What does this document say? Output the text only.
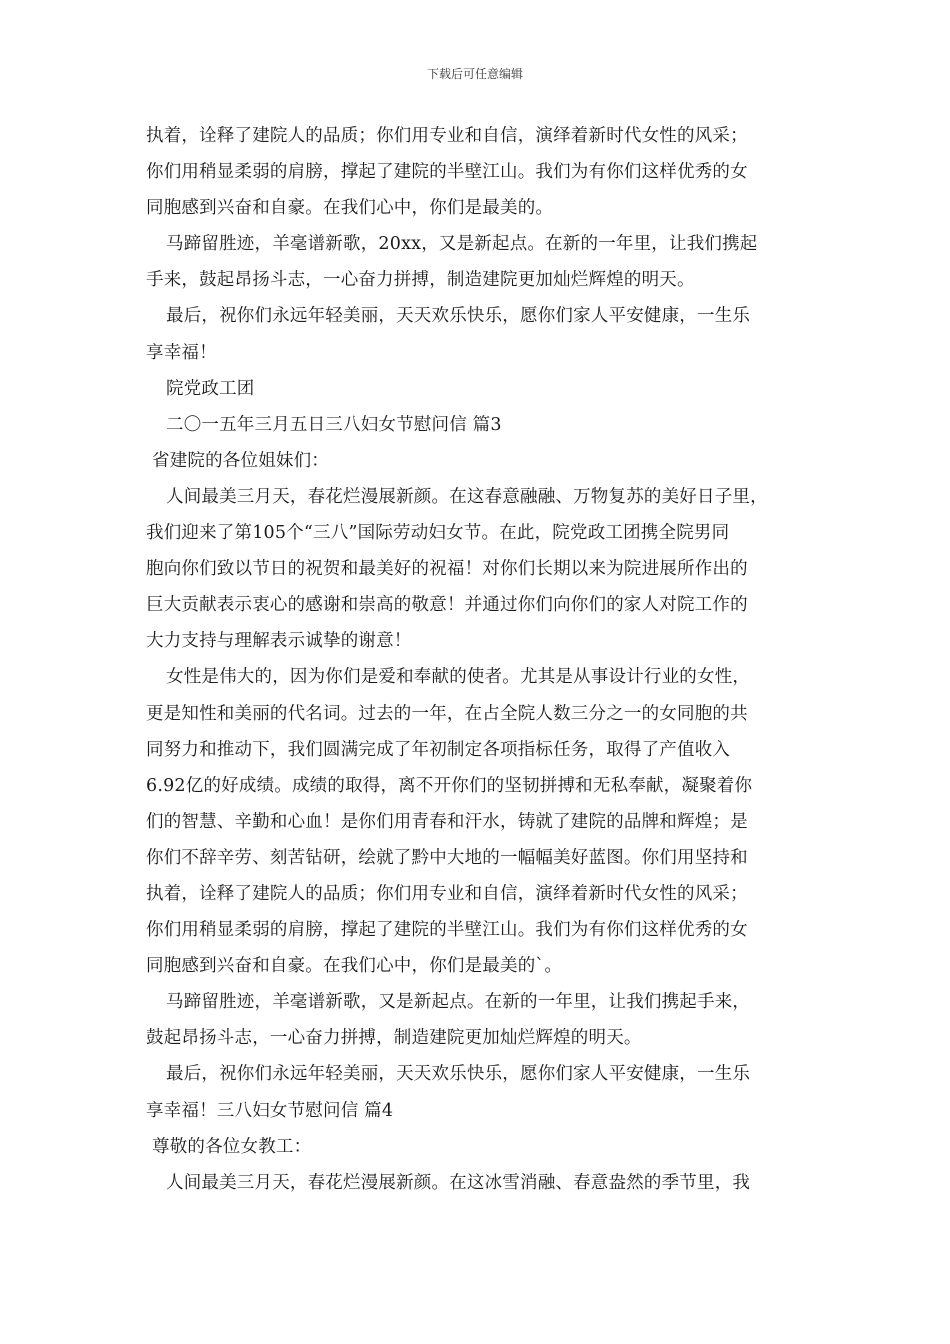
下载后可任意编辑
执着，诠释了建院人的品质；你们用专业和自信，演绎着新时代女性的风采；
你们用稍显柔弱的肩膀，撑起了建院的半壁江山。我们为有你们这样优秀的女
同胞感到兴奋和自豪。在我们心中，你们是最美的。
马蹄留胜迹，羊毫谱新歌，20xx，又是新起点。在新的一年里，让我们携起
手来，鼓起昂扬斗志，一心奋力拼搏，制造建院更加灿烂辉煌的明天。
最后，祝你们永远年轻美丽，天天欢乐快乐，愿你们家人平安健康，一生乐
享幸福！
院党政工团
二〇一五年三月五日三八妇女节慰问信 篇3
省建院的各位姐妹们：
人间最美三月天，春花烂漫展新颜。在这春意融融、万物复苏的美好日子里，
我们迎来了第105个“三八”国际劳动妇女节。在此，院党政工团携全院男同
胞向你们致以节日的祝贺和最美好的祝福！对你们长期以来为院进展所作出的
巨大贡献表示衷心的感谢和崇高的敬意！并通过你们向你们的家人对院工作的
大力支持与理解表示诚挚的谢意！
女性是伟大的，因为你们是爱和奉献的使者。尤其是从事设计行业的女性，
更是知性和美丽的代名词。过去的一年，在占全院人数三分之一的女同胞的共
同努力和推动下，我们圆满完成了年初制定各项指标任务，取得了产值收入
6.92亿的好成绩。成绩的取得，离不开你们的坚韧拼搏和无私奉献，凝聚着你
们的智慧、辛勤和心血！是你们用青春和汗水，铸就了建院的品牌和辉煌；是
你们不辞辛劳、刻苦钻研，绘就了黔中大地的一幅幅美好蓝图。你们用坚持和
执着，诠释了建院人的品质；你们用专业和自信，演绎着新时代女性的风采；
你们用稍显柔弱的肩膀，撑起了建院的半壁江山。我们为有你们这样优秀的女
同胞感到兴奋和自豪。在我们心中，你们是最美的`。
马蹄留胜迹，羊毫谱新歌，又是新起点。在新的一年里，让我们携起手来，
鼓起昂扬斗志，一心奋力拼搏，制造建院更加灿烂辉煌的明天。
最后，祝你们永远年轻美丽，天天欢乐快乐，愿你们家人平安健康，一生乐
享幸福！三八妇女节慰问信 篇4
尊敬的各位女教工：
人间最美三月天，春花烂漫展新颜。在这冰雪消融、春意盎然的季节里，我
